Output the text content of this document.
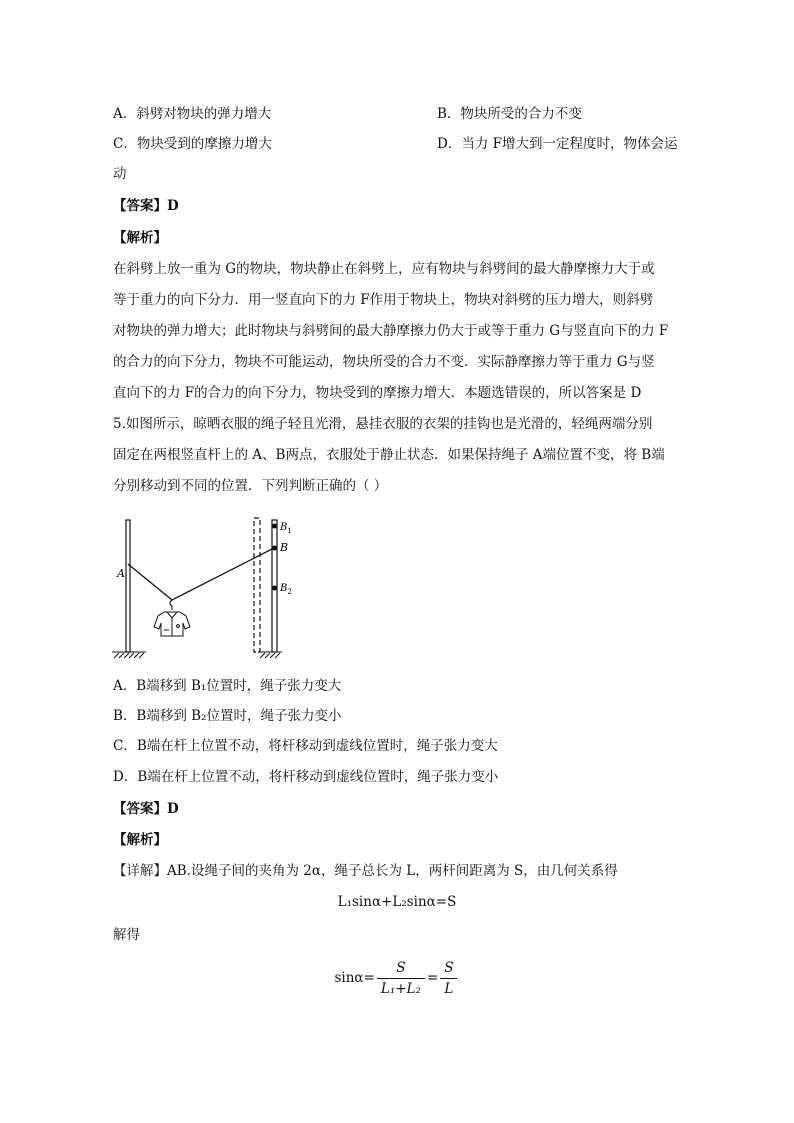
A．斜劈对物块的弹力增大	B．物块所受的合力不变
C．物块受到的摩擦力增大	D．当力 F增大到一定程度时，物体会运
动
【答案】D
【解析】
在斜劈上放一重为 G的物块，物块静止在斜劈上，应有物块与斜劈间的最大静摩擦力大于或
等于重力的向下分力．用一竖直向下的力 F作用于物块上，物块对斜劈的压力增大，则斜劈
对物块的弹力增大；此时物块与斜劈间的最大静摩擦力仍大于或等于重力 G与竖直向下的力 F
的合力的向下分力，物块不可能运动，物块所受的合力不变．实际静摩擦力等于重力 G与竖
直向下的力 F的合力的向下分力，物块受到的摩擦力增大．本题选错误的，所以答案是 D
5.如图所示，晾晒衣服的绳子轻且光滑，悬挂衣服的衣架的挂钩也是光滑的，轻绳两端分别
固定在两根竖直杆上的 A、B两点，衣服处于静止状态．如果保持绳子 A端位置不变，将 B端
分别移动到不同的位置．下列判断正确的（ ）
A
$B_1$
B
$B_2$
A．B端移到 B₁位置时，绳子张力变大
B．B端移到 B₂位置时，绳子张力变小
C．B端在杆上位置不动，将杆移动到虚线位置时，绳子张力变大
D．B端在杆上位置不动，将杆移动到虚线位置时，绳子张力变小
【答案】D
【解析】
【详解】AB.设绳子间的夹角为 2α，绳子总长为 L，两杆间距离为 S，由几何关系得
L₁sinα+L₂sinα=S
解得
$\sin\alpha= \frac{S}{\text{L₁+L₂}} = \frac{S}{L}$
